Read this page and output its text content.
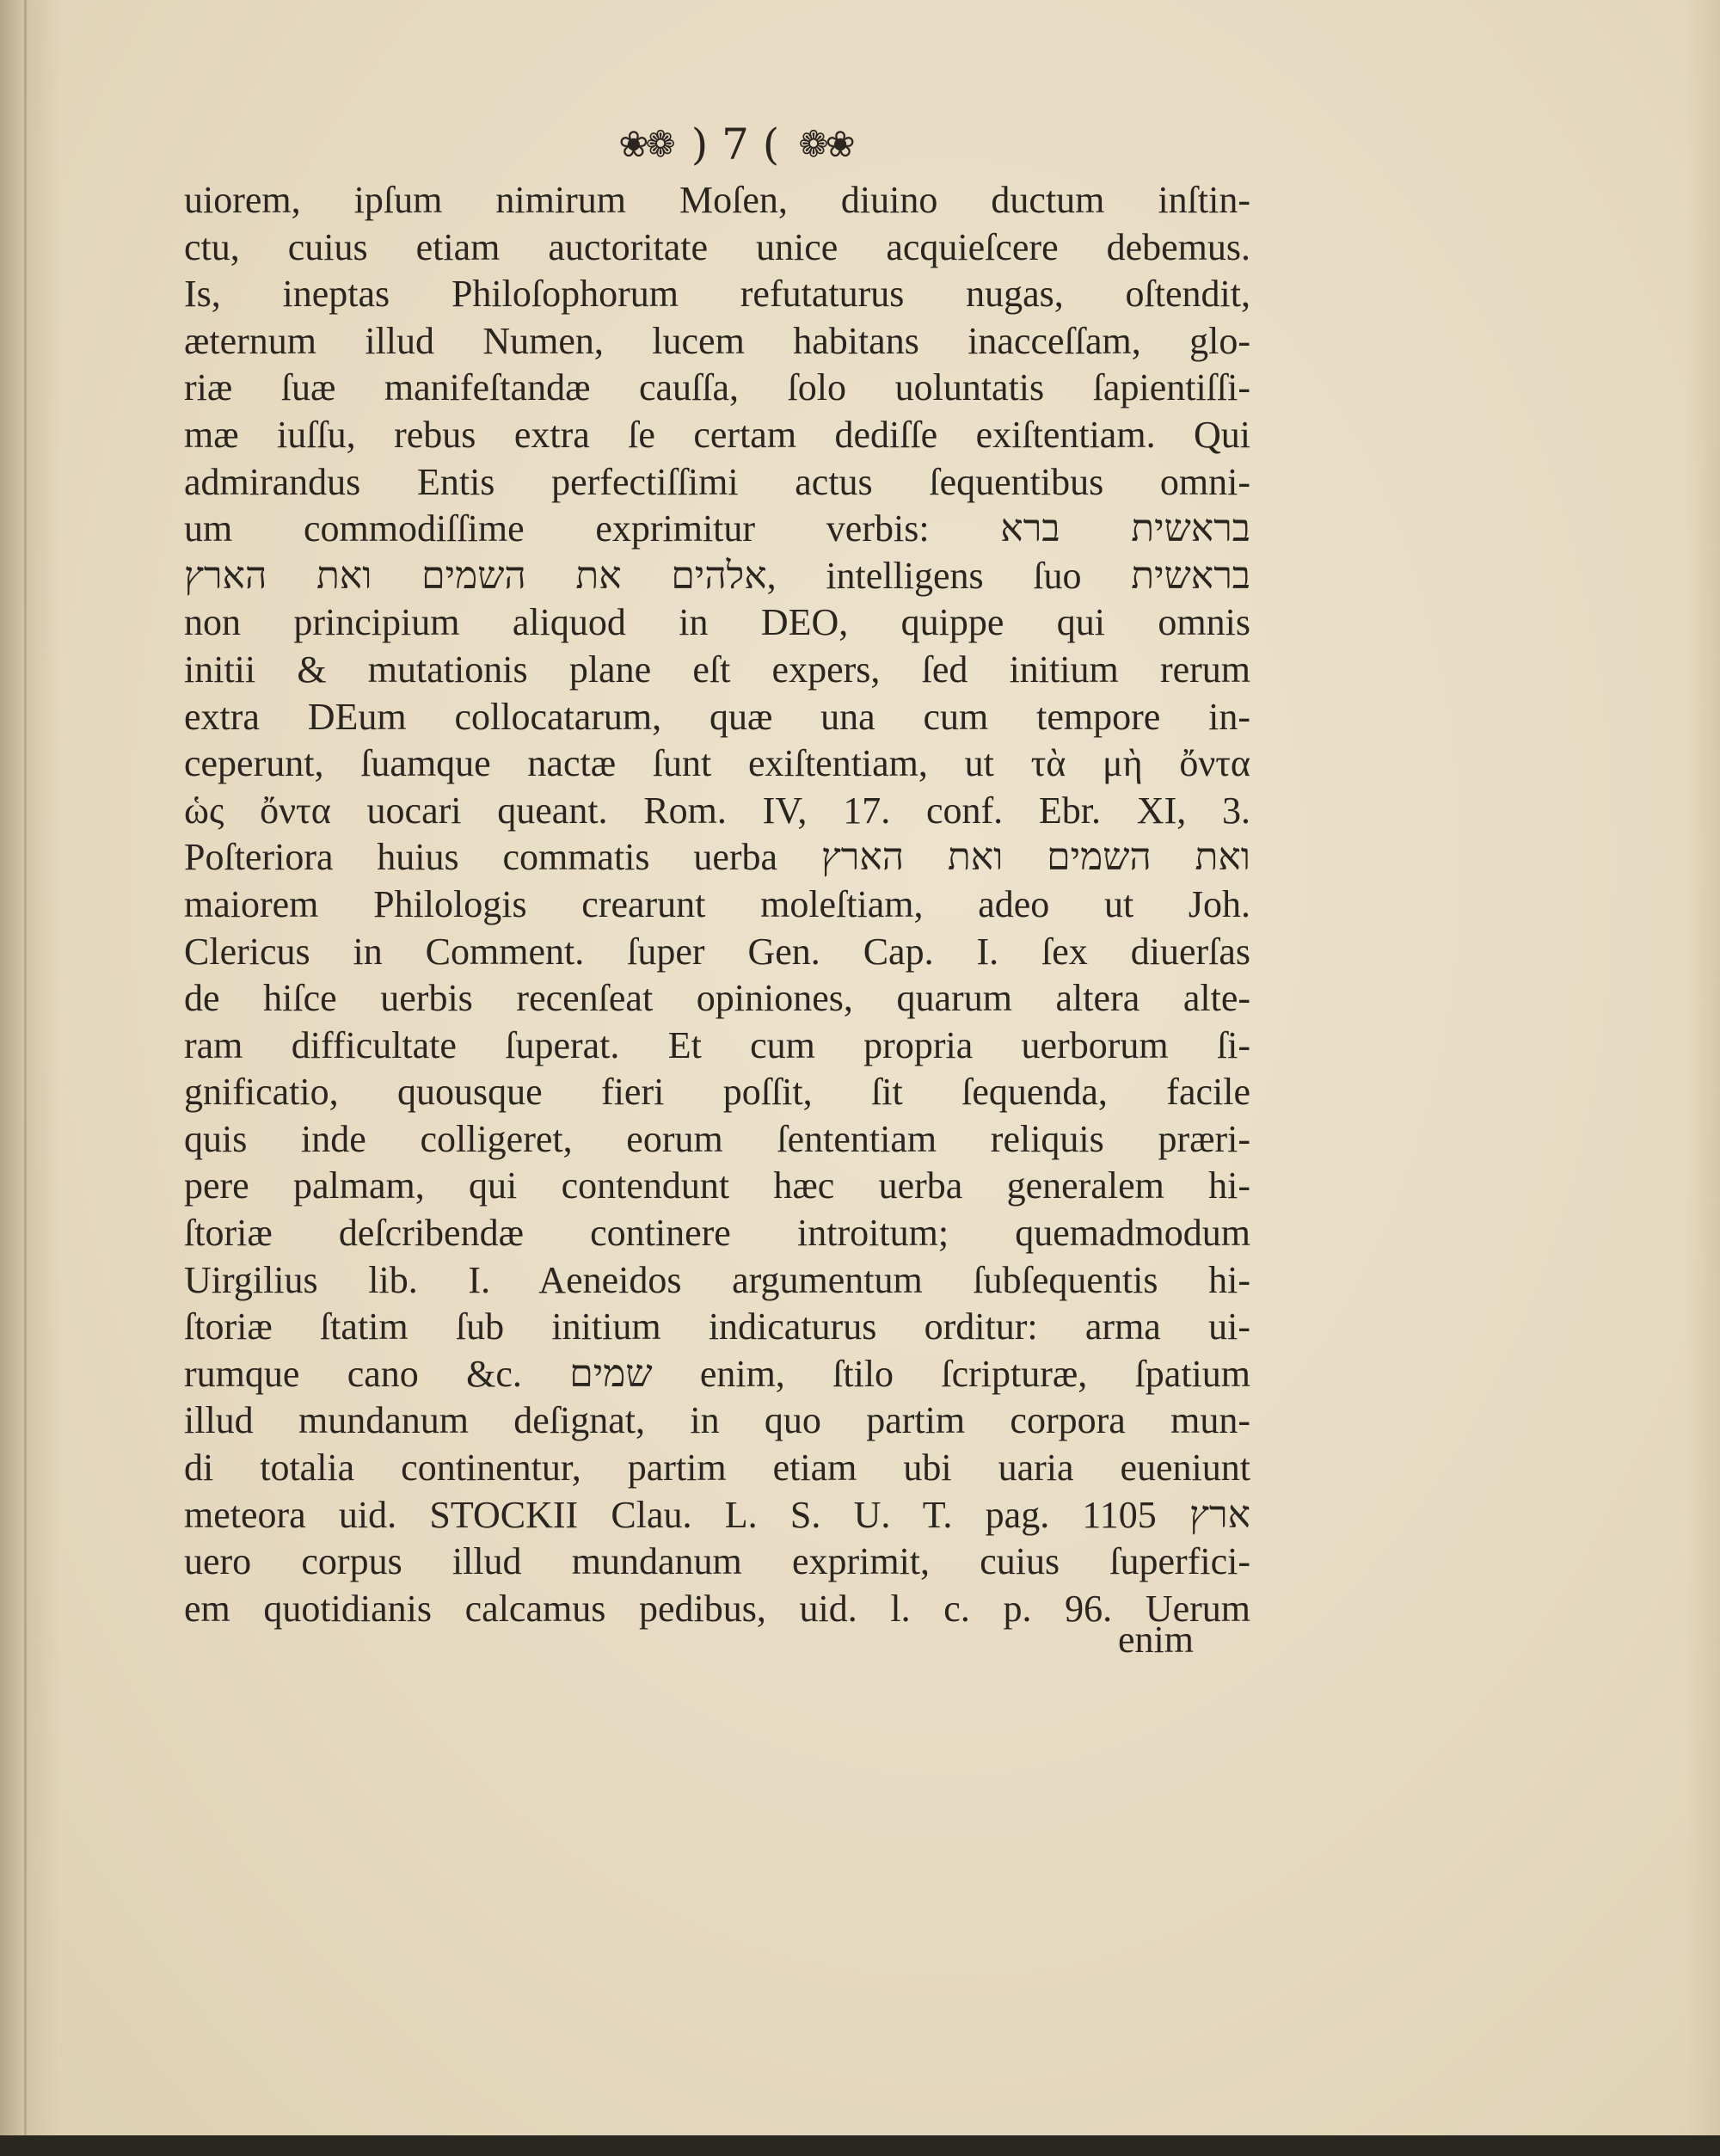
❀❁ ) 7 ( ❁❀
uiorem, ipſum nimirum Moſen, diuino ductum inſtin-
ctu, cuius etiam auctoritate unice acquieſcere debemus.
Is, ineptas Philoſophorum refutaturus nugas, oſtendit,
æternum illud Numen, lucem habitans inacceſſam, glo-
riæ ſuæ manifeſtandæ cauſſa, ſolo uoluntatis ſapientiſſi-
mæ iuſſu, rebus extra ſe certam dediſſe exiſtentiam. Qui
admirandus Entis perfectiſſimi actus ſequentibus omni-
um commodiſſime exprimitur verbis: בראשית ברא
אלהים את השמים ואת הארץ, intelligens ſuo בראשית
non principium aliquod in DEO, quippe qui omnis
initii & mutationis plane eſt expers, ſed initium rerum
extra DEum collocatarum, quæ una cum tempore in-
ceperunt, ſuamque nactæ ſunt exiſtentiam, ut τὰ μὴ ὄντα
ὡς ὄντα uocari queant. Rom. IV, 17. conf. Ebr. XI, 3.
Poſteriora huius commatis uerba ואת השמים ואת הארץ
maiorem Philologis crearunt moleſtiam, adeo ut Joh.
Clericus in Comment. ſuper Gen. Cap. I. ſex diuerſas
de hiſce uerbis recenſeat opiniones, quarum altera alte-
ram difficultate ſuperat. Et cum propria uerborum ſi-
gnificatio, quousque fieri poſſit, ſit ſequenda, facile
quis inde colligeret, eorum ſententiam reliquis præri-
pere palmam, qui contendunt hæc uerba generalem hi-
ſtoriæ deſcribendæ continere introitum; quemadmodum
Uirgilius lib. I. Aeneidos argumentum ſubſequentis hi-
ſtoriæ ſtatim ſub initium indicaturus orditur: arma ui-
rumque cano &c. שמים enim, ſtilo ſcripturæ, ſpatium
illud mundanum deſignat, in quo partim corpora mun-
di totalia continentur, partim etiam ubi uaria eueniunt
meteora uid. STOCKII Clau. L. S. U. T. pag. 1105 ארץ
uero corpus illud mundanum exprimit, cuius ſuperfici-
em quotidianis calcamus pedibus, uid. l. c. p. 96. Uerum
enim
